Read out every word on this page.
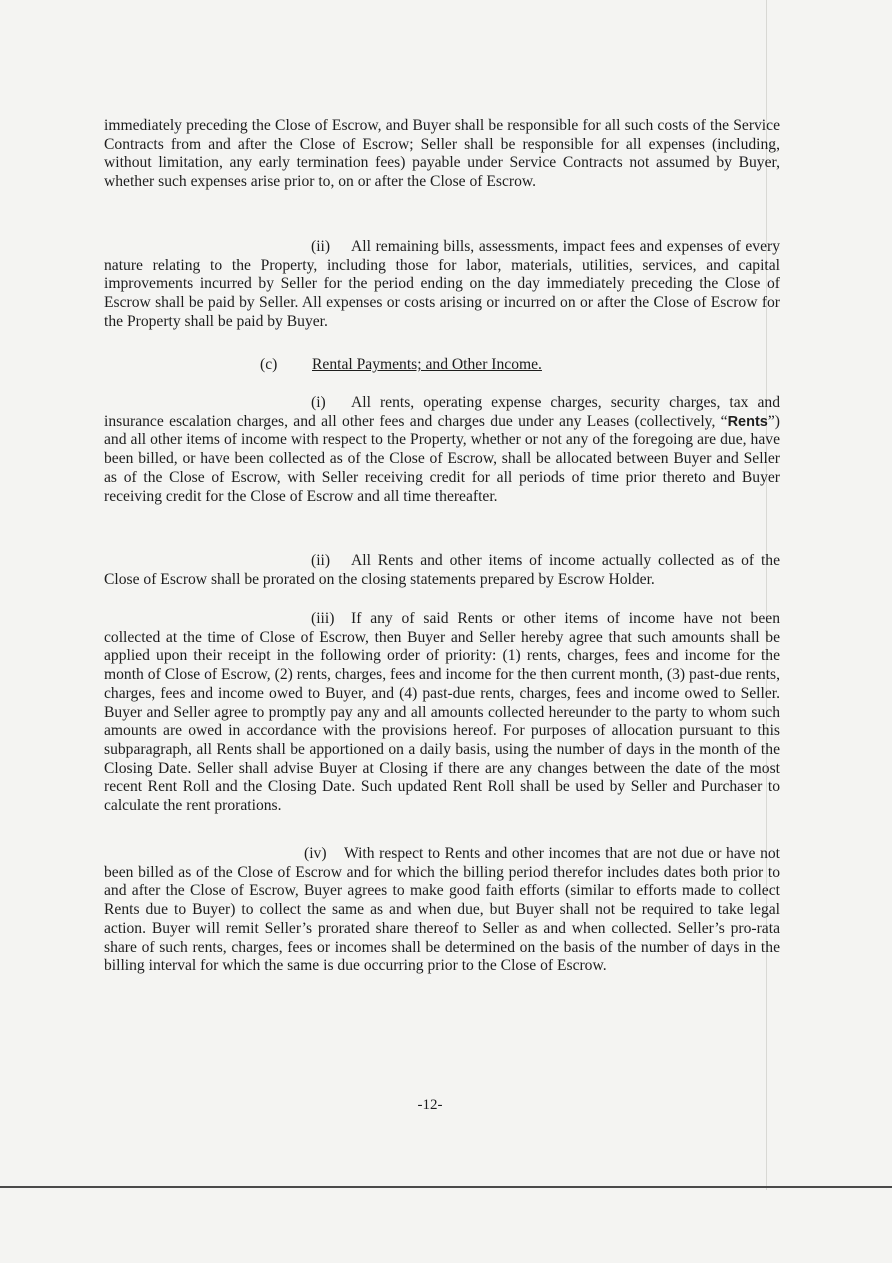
immediately preceding the Close of Escrow, and Buyer shall be responsible for all such costs of the Service Contracts from and after the Close of Escrow; Seller shall be responsible for all expenses (including, without limitation, any early termination fees) payable under Service Contracts not assumed by Buyer, whether such expenses arise prior to, on or after the Close of Escrow.

(ii) All remaining bills, assessments, impact fees and expenses of every nature relating to the Property, including those for labor, materials, utilities, services, and capital improvements incurred by Seller for the period ending on the day immediately preceding the Close of Escrow shall be paid by Seller. All expenses or costs arising or incurred on or after the Close of Escrow for the Property shall be paid by Buyer.

(c) Rental Payments; and Other Income.

(i) All rents, operating expense charges, security charges, tax and insurance escalation charges, and all other fees and charges due under any Leases (collectively, “Rents”) and all other items of income with respect to the Property, whether or not any of the foregoing are due, have been billed, or have been collected as of the Close of Escrow, shall be allocated between Buyer and Seller as of the Close of Escrow, with Seller receiving credit for all periods of time prior thereto and Buyer receiving credit for the Close of Escrow and all time thereafter.

(ii) All Rents and other items of income actually collected as of the Close of Escrow shall be prorated on the closing statements prepared by Escrow Holder.

(iii) If any of said Rents or other items of income have not been collected at the time of Close of Escrow, then Buyer and Seller hereby agree that such amounts shall be applied upon their receipt in the following order of priority: (1) rents, charges, fees and income for the month of Close of Escrow, (2) rents, charges, fees and income for the then current month, (3) past-due rents, charges, fees and income owed to Buyer, and (4) past-due rents, charges, fees and income owed to Seller. Buyer and Seller agree to promptly pay any and all amounts collected hereunder to the party to whom such amounts are owed in accordance with the provisions hereof. For purposes of allocation pursuant to this subparagraph, all Rents shall be apportioned on a daily basis, using the number of days in the month of the Closing Date. Seller shall advise Buyer at Closing if there are any changes between the date of the most recent Rent Roll and the Closing Date. Such updated Rent Roll shall be used by Seller and Purchaser to calculate the rent prorations.

(iv) With respect to Rents and other incomes that are not due or have not been billed as of the Close of Escrow and for which the billing period therefor includes dates both prior to and after the Close of Escrow, Buyer agrees to make good faith efforts (similar to efforts made to collect Rents due to Buyer) to collect the same as and when due, but Buyer shall not be required to take legal action. Buyer will remit Seller’s prorated share thereof to Seller as and when collected. Seller’s pro-rata share of such rents, charges, fees or incomes shall be determined on the basis of the number of days in the billing interval for which the same is due occurring prior to the Close of Escrow.

-12-
